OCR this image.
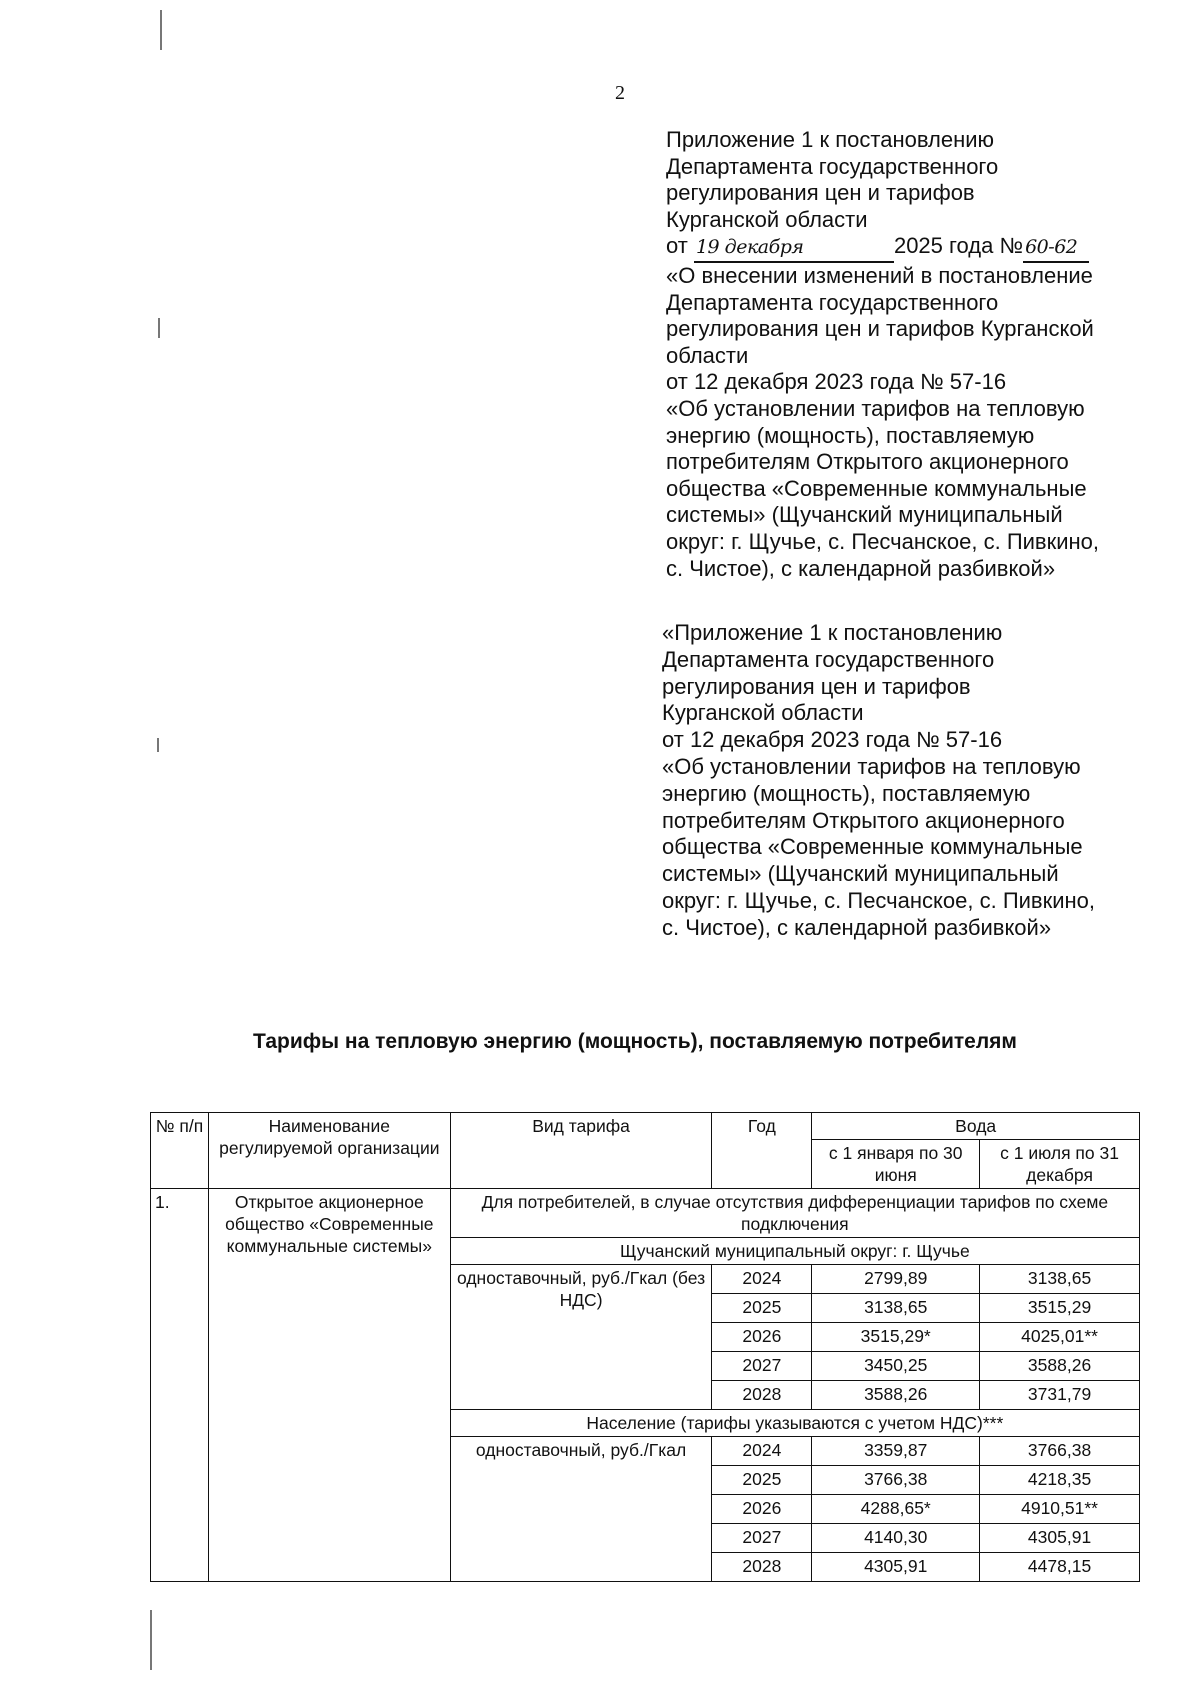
2
Приложение 1 к постановлению
Департамента государственного
регулирования цен и тарифов
Курганской области
от 19 декабря	2025 года № 60-62
«О внесении изменений в постановление
Департамента государственного
регулирования цен и тарифов Курганской
области
от 12 декабря 2023 года № 57-16
«Об установлении тарифов на тепловую
энергию (мощность), поставляемую
потребителям Открытого акционерного
общества «Современные коммунальные
системы» (Щучанский муниципальный
округ: г. Щучье, с. Песчанское, с. Пивкино,
с. Чистое), с календарной разбивкой»
«Приложение 1 к постановлению
Департамента государственного
регулирования цен и тарифов
Курганской области
от 12 декабря 2023 года № 57-16
«Об установлении тарифов на тепловую
энергию (мощность), поставляемую
потребителям Открытого акционерного
общества «Современные коммунальные
системы» (Щучанский муниципальный
округ: г. Щучье, с. Песчанское, с. Пивкино,
с. Чистое), с календарной разбивкой»
Тарифы на тепловую энергию (мощность), поставляемую потребителям
№ п/п	Наименование регулируемой организации	Вид тарифа	Год	Вода	
				с 1 января по 30 июня	с 1 июля по 31 декабря
1.	Открытое акционерное общество «Современные коммунальные системы»	Для потребителей, в случае отсутствия дифференциации тарифов по схеме подключения			
		Щучанский муниципальный округ: г. Щучье			
		одноставочный, руб./Гкал (без НДС)	2024	2799,89	3138,65
			2025	3138,65	3515,29
			2026	3515,29*	4025,01**
			2027	3450,25	3588,26
			2028	3588,26	3731,79
		Население (тарифы указываются с учетом НДС)***			
		одноставочный, руб./Гкал	2024	3359,87	3766,38
			2025	3766,38	4218,35
			2026	4288,65*	4910,51**
			2027	4140,30	4305,91
			2028	4305,91	4478,15
